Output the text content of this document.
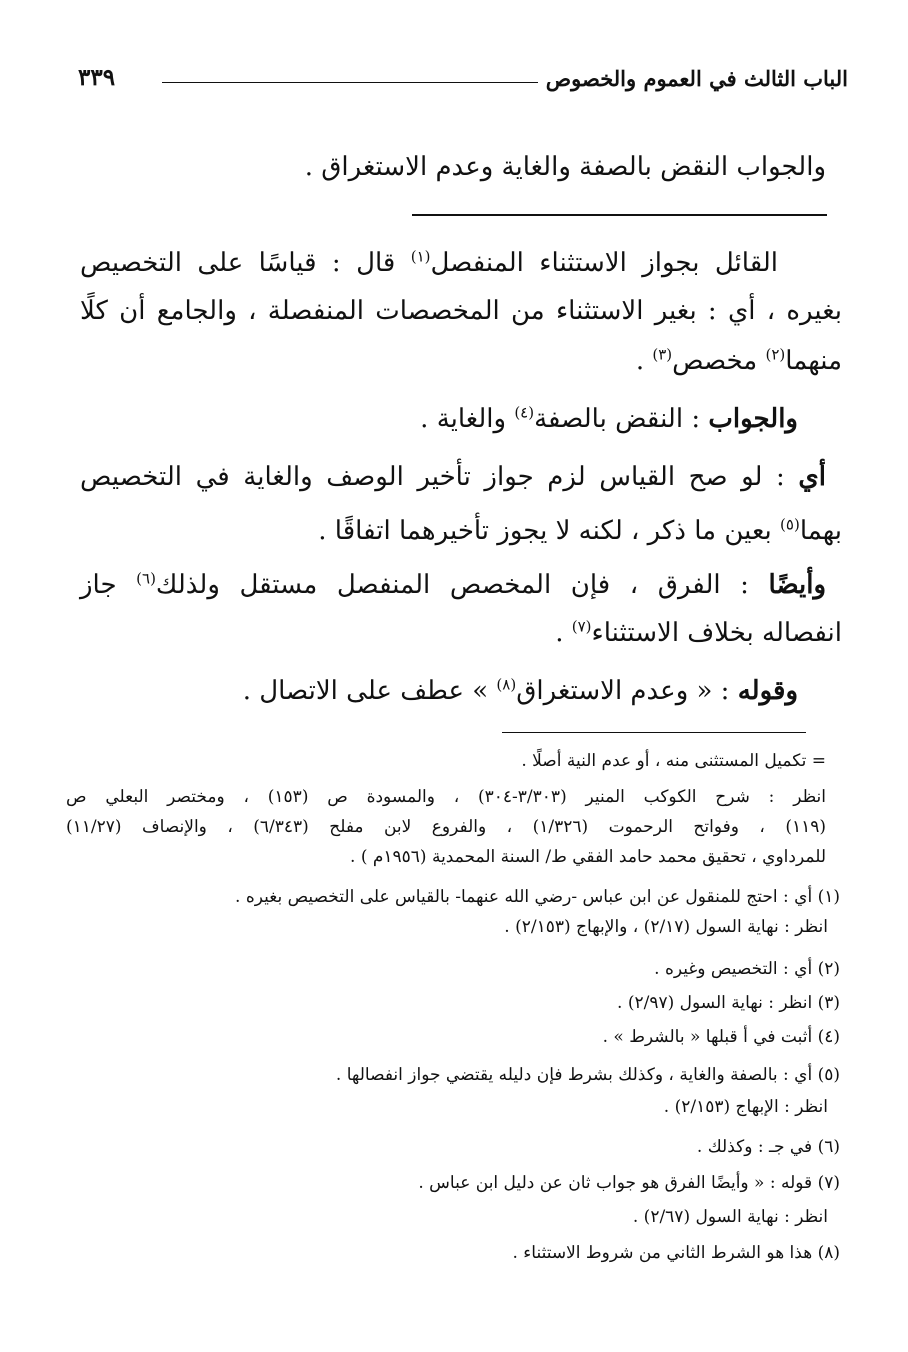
الباب الثالث في العموم والخصوص
٣٣٩
والجواب النقض بالصفة والغاية وعدم الاستغراق .
القائل بجواز الاستثناء المنفصل$^{(١)}$ قال : قياسًا على التخصيص
بغيره ، أي : بغير الاستثناء من المخصصات المنفصلة ، والجامع أن كلًا
منهما$^{(٢)}$ مخصص$^{(٣)}$ .
والجواب : النقض بالصفة$^{(٤)}$ والغاية .
أي : لو صح القياس لزم جواز تأخير الوصف والغاية في التخصيص
بهما$^{(٥)}$ بعين ما ذكر ، لكنه لا يجوز تأخيرهما اتفاقًا .
وأيضًا : الفرق ، فإن المخصص المنفصل مستقل ولذلك$^{(٦)}$ جاز
انفصاله بخلاف الاستثناء$^{(٧)}$ .
وقوله : « وعدم الاستغراق$^{(٨)}$ » عطف على الاتصال .
= تكميل المستثنى منه ، أو عدم النية أصلًا .
انظر : شرح الكوكب المنير (٣/٣٠٣-٣٠٤) ، والمسودة ص (١٥٣) ، ومختصر البعلي ص
(١١٩) ، وفواتح الرحموت (١/٣٢٦) ، والفروع لابن مفلح (٦/٣٤٣) ، والإنصاف (١١/٢٧)
للمرداوي ، تحقيق محمد حامد الفقي ط/ السنة المحمدية (١٩٥٦م ) .
(١) أي : احتج للمنقول عن ابن عباس -رضي الله عنهما- بالقياس على التخصيص بغيره .
انظر : نهاية السول (٢/١٧) ، والإبهاج (٢/١٥٣) .
(٢) أي : التخصيص وغيره .
(٣) انظر : نهاية السول (٢/٩٧) .
(٤) أثبت في أ قبلها « بالشرط » .
(٥) أي : بالصفة والغاية ، وكذلك بشرط فإن دليله يقتضي جواز انفصالها .
انظر : الإبهاج (٢/١٥٣) .
(٦) في جـ : وكذلك .
(٧) قوله : « وأيضًا الفرق هو جواب ثان عن دليل ابن عباس .
انظر : نهاية السول (٢/٦٧) .
(٨) هذا هو الشرط الثاني من شروط الاستثناء .
